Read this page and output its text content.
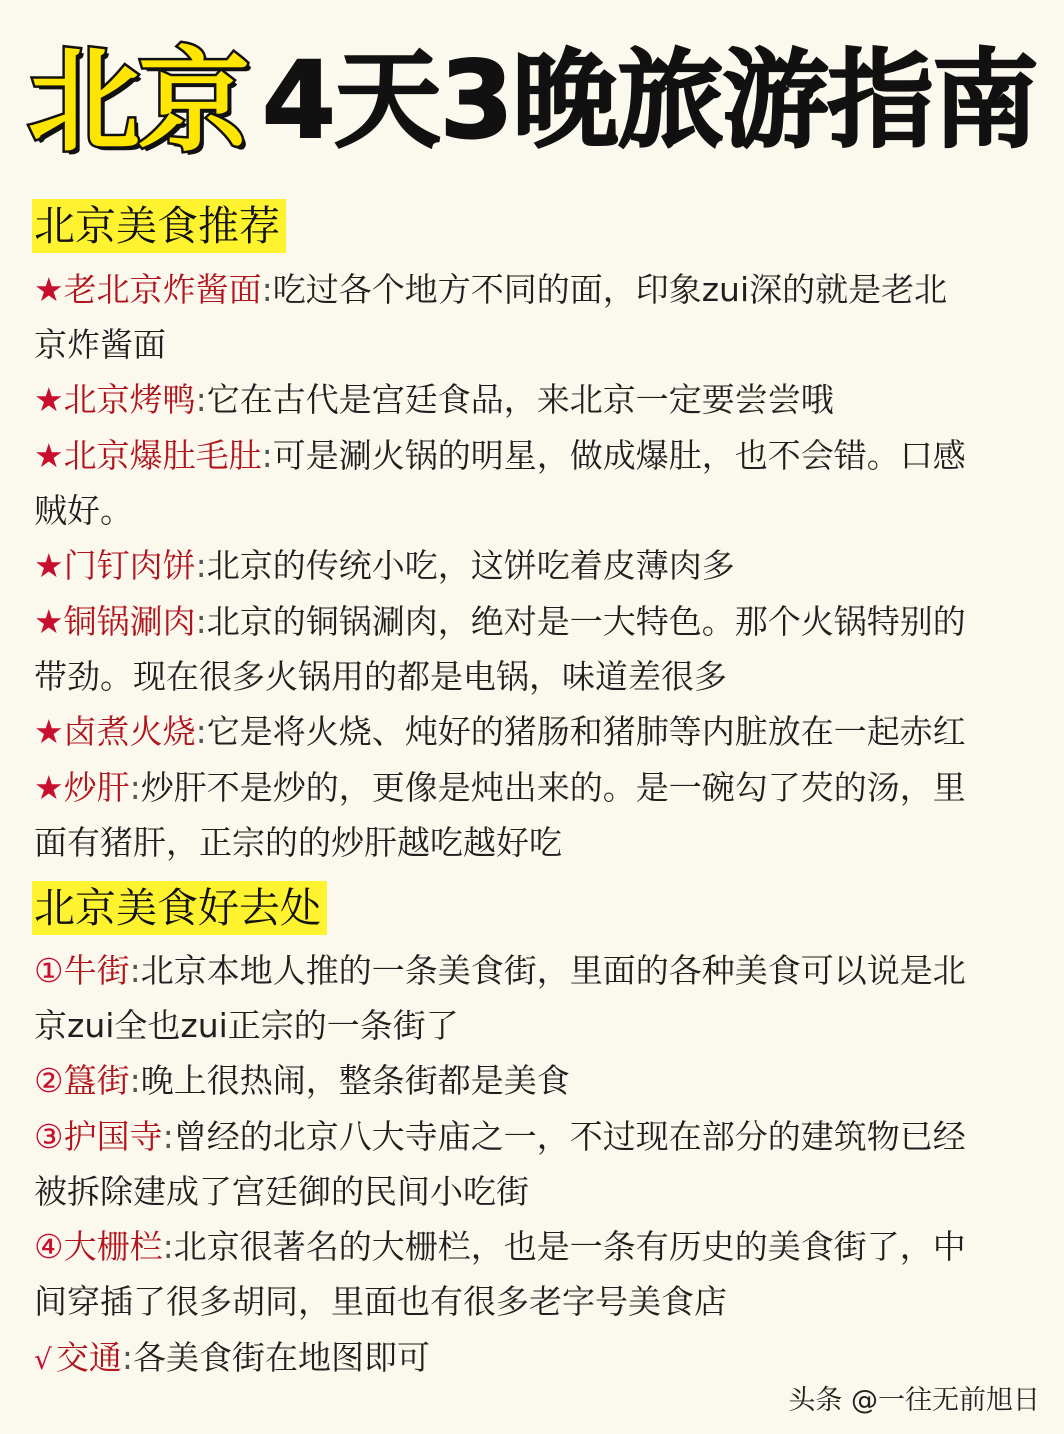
北京 4天3晚旅游指南
北京美食推荐
★老北京炸酱面:吃过各个地方不同的面，印象zui深的就是老北
京炸酱面
★北京烤鸭:它在古代是宫廷食品，来北京一定要尝尝哦
★北京爆肚毛肚:可是涮火锅的明星，做成爆肚，也不会错。口感
贼好。
★门钉肉饼:北京的传统小吃，这饼吃着皮薄肉多
★铜锅涮肉:北京的铜锅涮肉，绝对是一大特色。那个火锅特别的
带劲。现在很多火锅用的都是电锅，味道差很多
★卤煮火烧:它是将火烧、炖好的猪肠和猪肺等内脏放在一起赤红
★炒肝:炒肝不是炒的，更像是炖出来的。是一碗勾了芡的汤，里
面有猪肝，正宗的的炒肝越吃越好吃
北京美食好去处
①牛街:北京本地人推的一条美食街，里面的各种美食可以说是北
京zui全也zui正宗的一条街了
②簋街:晚上很热闹，整条街都是美食
③护国寺:曾经的北京八大寺庙之一，不过现在部分的建筑物已经
被拆除建成了宫廷御的民间小吃街
④大栅栏:北京很著名的大栅栏，也是一条有历史的美食街了，中
间穿插了很多胡同，里面也有很多老字号美食店
√ 交通:各美食街在地图即可
头条 @一往无前旭日
